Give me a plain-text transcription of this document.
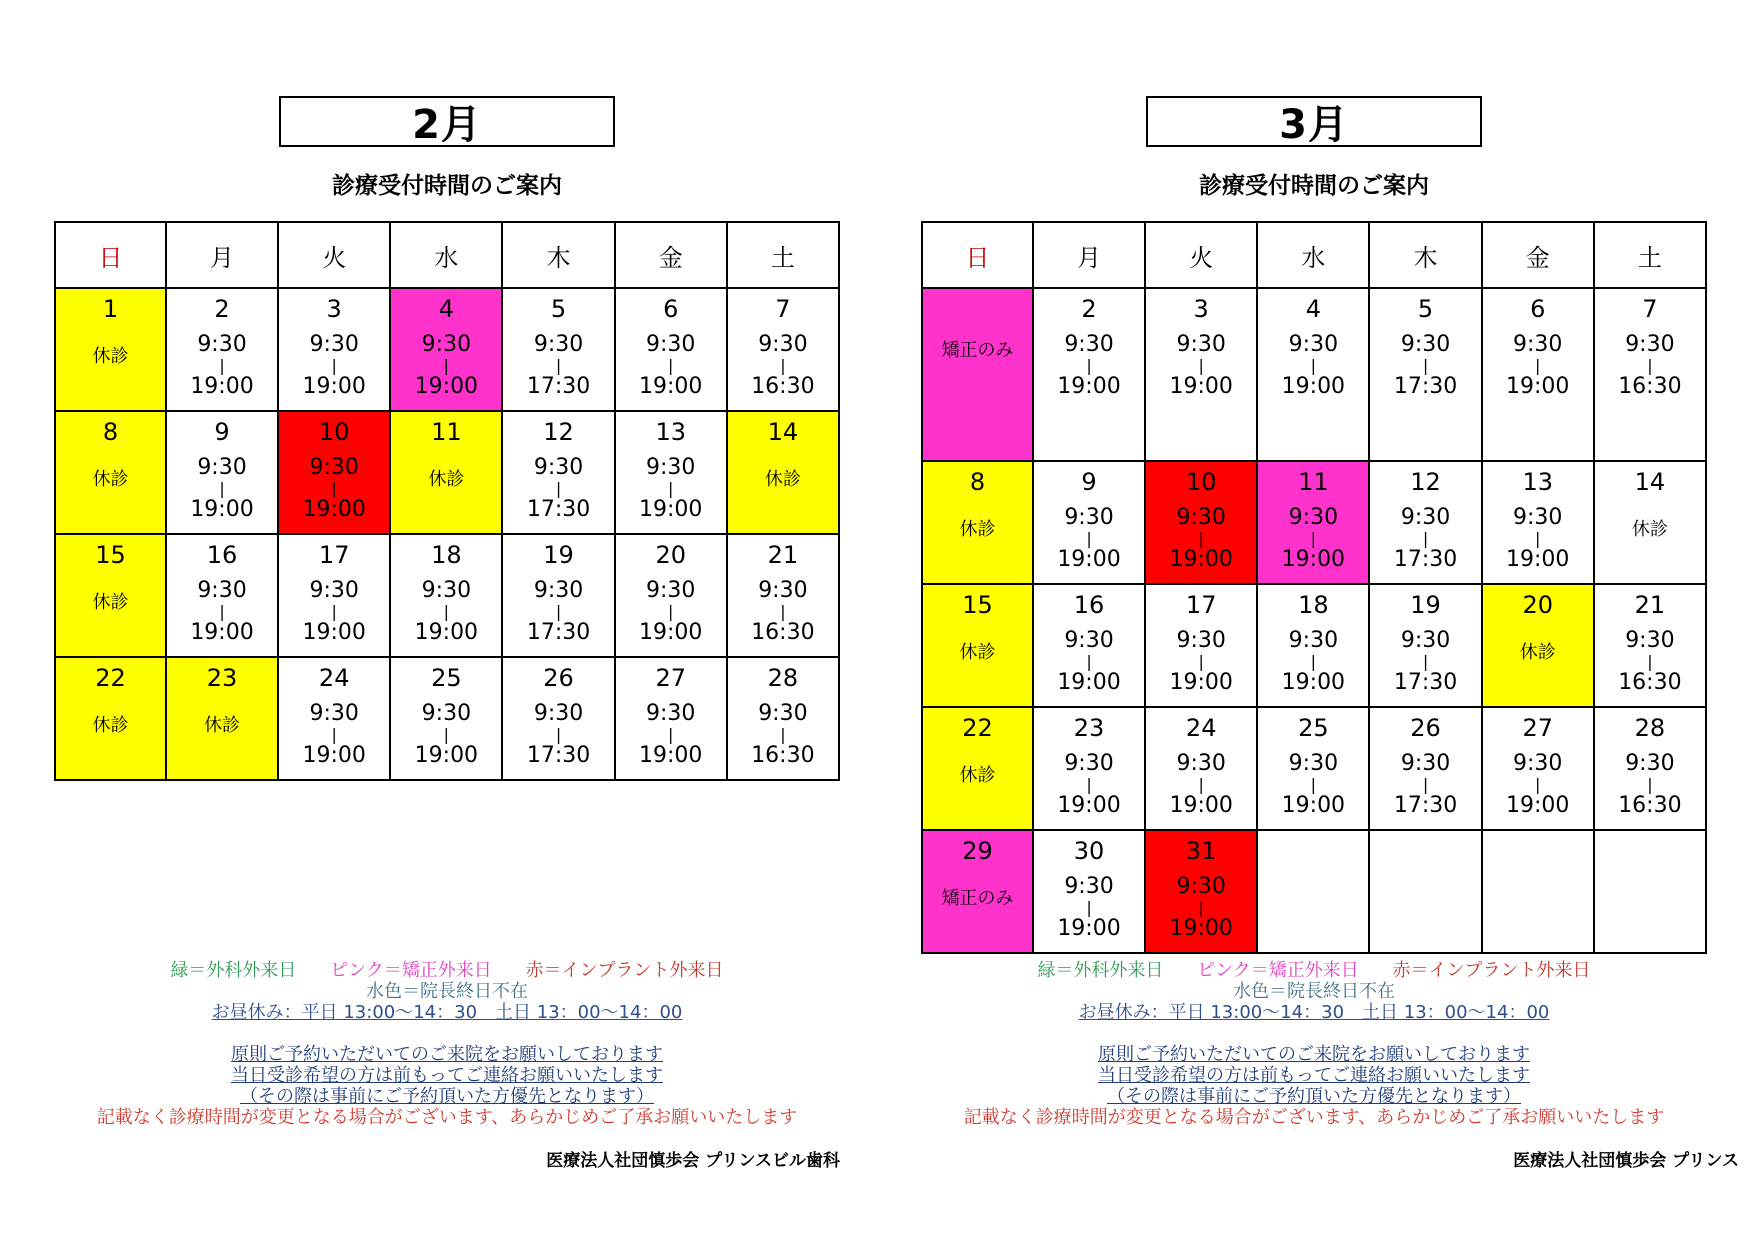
2月
診療受付時間のご案内
日	月	火	水	木	金	土

1
休診	2
9:30
|
19:00	3
9:30
|
19:00	4
9:30
|
19:00	5
9:30
|
17:30	6
9:30
|
19:00	7
9:30
|
16:30

8
休診	9
9:30
|
19:00	10
9:30
|
19:00	11
休診	12
9:30
|
17:30	13
9:30
|
19:00	14
休診

15
休診	16
9:30
|
19:00	17
9:30
|
19:00	18
9:30
|
19:00	19
9:30
|
17:30	20
9:30
|
19:00	21
9:30
|
16:30

22
休診	23
休診	24
9:30
|
19:00	25
9:30
|
19:00	26
9:30
|
17:30	27
9:30
|
19:00	28
9:30
|
16:30
緑＝外科外来日 ピンク＝矯正外来日 赤＝インプラント外来日
水色＝院長終日不在
お昼休み：平日 13:00～14：30　土日 13：00～14：00
原則ご予約いただいてのご来院をお願いしております
当日受診希望の方は前もってご連絡お願いいたします
（その際は事前にご予約頂いた方優先となります）
記載なく診療時間が変更となる場合がございます、あらかじめご了承お願いいたします
医療法人社団慎歩会 プリンスビル歯科
3月
診療受付時間のご案内
日	月	火	水	木	金	土

矯正のみ	2
9:30
|
19:00	3
9:30
|
19:00	4
9:30
|
19:00	5
9:30
|
17:30	6
9:30
|
19:00	7
9:30
|
16:30

8
休診	9
9:30
|
19:00	10
9:30
|
19:00	11
9:30
|
19:00	12
9:30
|
17:30	13
9:30
|
19:00	14
休診

15
休診	16
9:30
|
19:00	17
9:30
|
19:00	18
9:30
|
19:00	19
9:30
|
17:30	20
休診	21
9:30
|
16:30

22
休診	23
9:30
|
19:00	24
9:30
|
19:00	25
9:30
|
19:00	26
9:30
|
17:30	27
9:30
|
19:00	28
9:30
|
16:30

29
矯正のみ	30
9:30
|
19:00	31
9:30
|
19:00				

緑＝外科外来日 ピンク＝矯正外来日 赤＝インプラント外来日
水色＝院長終日不在
お昼休み：平日 13:00～14：30　土日 13：00～14：00
原則ご予約いただいてのご来院をお願いしております
当日受診希望の方は前もってご連絡お願いいたします
（その際は事前にご予約頂いた方優先となります）
記載なく診療時間が変更となる場合がございます、あらかじめご了承お願いいたします
医療法人社団慎歩会 プリンス
